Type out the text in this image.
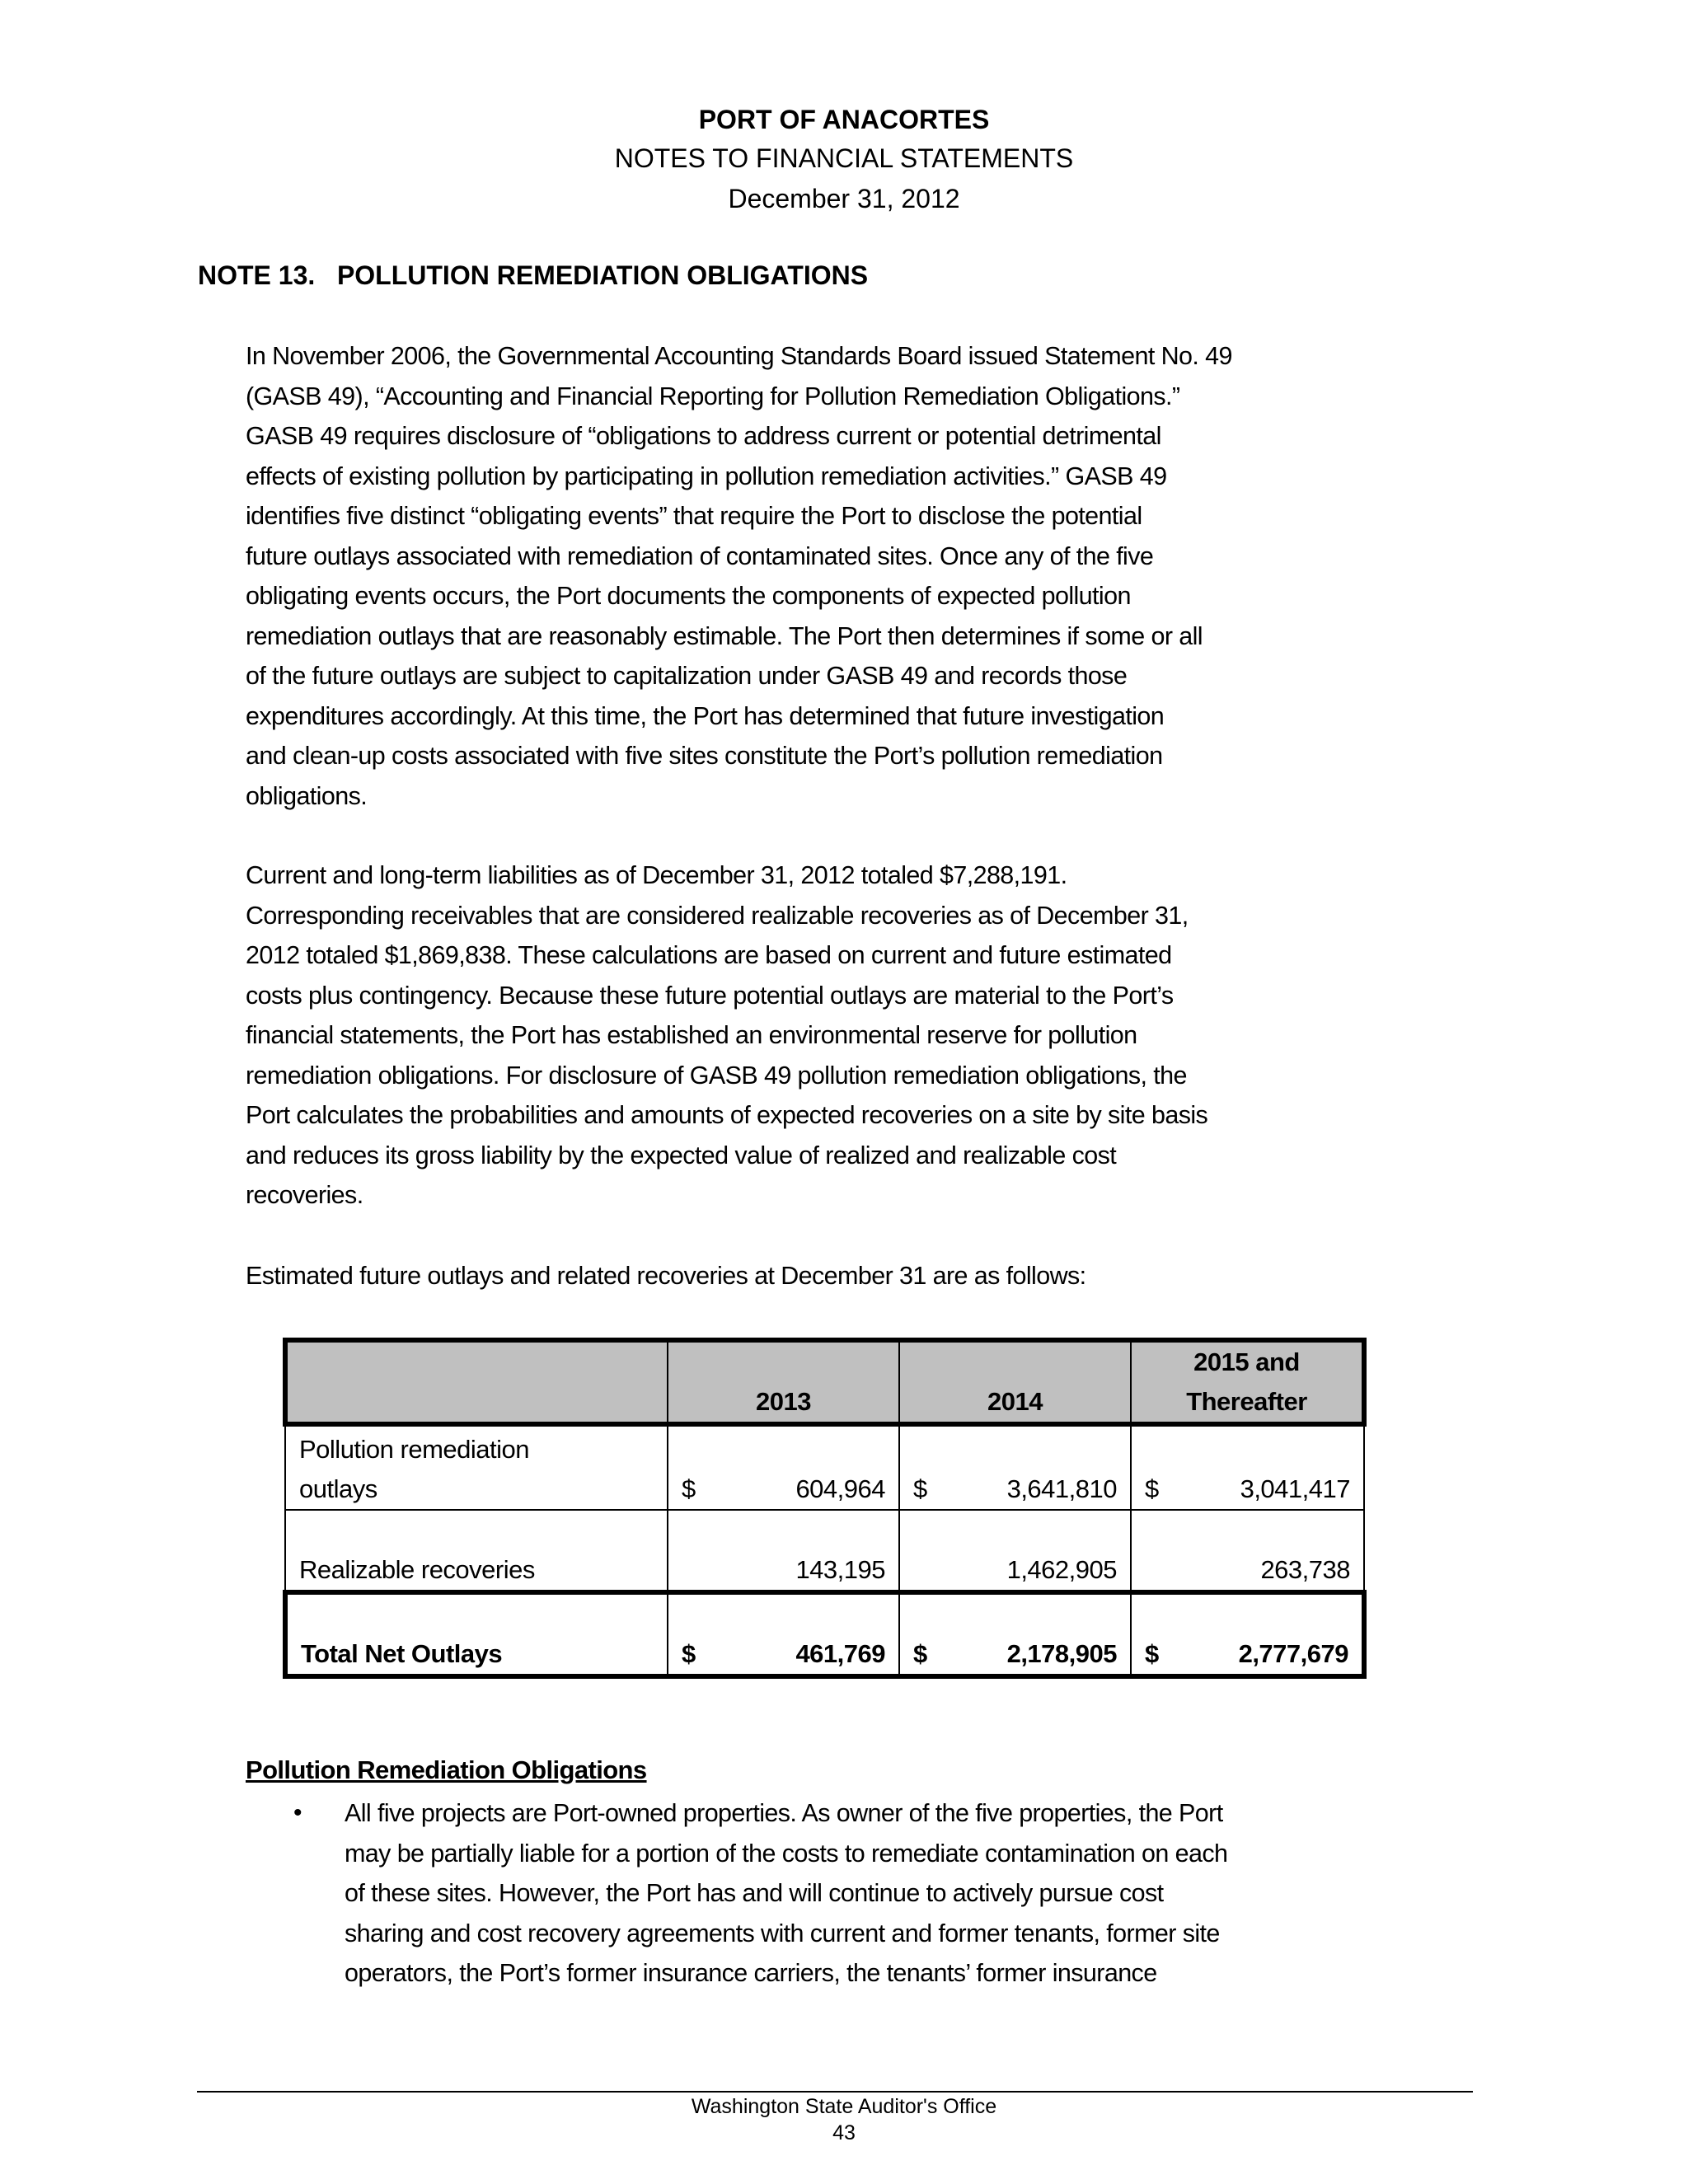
PORT OF ANACORTES
NOTES TO FINANCIAL STATEMENTS
December 31, 2012
NOTE 13.   POLLUTION REMEDIATION OBLIGATIONS
In November 2006, the Governmental Accounting Standards Board issued Statement No. 49
(GASB 49), “Accounting and Financial Reporting for Pollution Remediation Obligations.”
GASB 49 requires disclosure of “obligations to address current or potential detrimental
effects of existing pollution by participating in pollution remediation activities.” GASB 49
identifies five distinct “obligating events” that require the Port to disclose the potential
future outlays associated with remediation of contaminated sites. Once any of the five
obligating events occurs, the Port documents the components of expected pollution
remediation outlays that are reasonably estimable. The Port then determines if some or all
of the future outlays are subject to capitalization under GASB 49 and records those
expenditures accordingly. At this time, the Port has determined that future investigation
and clean-up costs associated with five sites constitute the Port’s pollution remediation
obligations.
Current and long-term liabilities as of December 31, 2012 totaled $7,288,191.
Corresponding receivables that are considered realizable recoveries as of December 31,
2012 totaled $1,869,838. These calculations are based on current and future estimated
costs plus contingency. Because these future potential outlays are material to the Port’s
financial statements, the Port has established an environmental reserve for pollution
remediation obligations. For disclosure of GASB 49 pollution remediation obligations, the
Port calculates the probabilities and amounts of expected recoveries on a site by site basis
and reduces its gross liability by the expected value of realized and realizable cost
recoveries.
Estimated future outlays and related recoveries at December 31 are as follows:
	2013	2014	2015 and
Thereafter

Pollution remediation
outlays	$	604,964	$	3,641,810	$	3,041,417

Realizable recoveries	143,195	1,462,905	263,738

Total Net Outlays	$ 461,769	$ 2,178,905	$ 2,777,679
Pollution Remediation Obligations
• All five projects are Port-owned properties. As owner of the five properties, the Port
may be partially liable for a portion of the costs to remediate contamination on each
of these sites. However, the Port has and will continue to actively pursue cost
sharing and cost recovery agreements with current and former tenants, former site
operators, the Port’s former insurance carriers, the tenants’ former insurance
Washington State Auditor's Office
43
